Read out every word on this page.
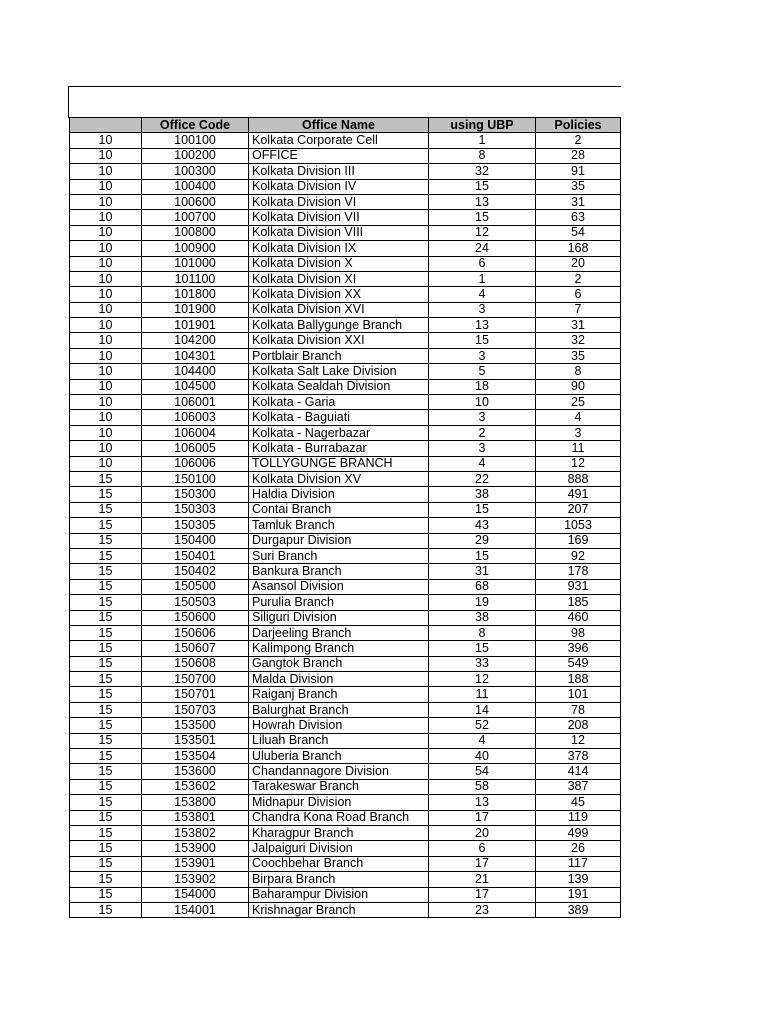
	Office Code	Office Name	using UBP	Policies
10	100100	Kolkata Corporate Cell	1	2
10	100200	OFFICE	8	28
10	100300	Kolkata Division III	32	91
10	100400	Kolkata Division IV	15	35
10	100600	Kolkata Division VI	13	31
10	100700	Kolkata Division VII	15	63
10	100800	Kolkata Division VIII	12	54
10	100900	Kolkata Division IX	24	168
10	101000	Kolkata Division X	6	20
10	101100	Kolkata Division XI	1	2
10	101800	Kolkata Division XX	4	6
10	101900	Kolkata Division XVI	3	7
10	101901	Kolkata Ballygunge Branch	13	31
10	104200	Kolkata Division XXI	15	32
10	104301	Portblair Branch	3	35
10	104400	Kolkata Salt Lake Division	5	8
10	104500	Kolkata Sealdah Division	18	90
10	106001	Kolkata - Garia	10	25
10	106003	Kolkata - Baguiati	3	4
10	106004	Kolkata - Nagerbazar	2	3
10	106005	Kolkata - Burrabazar	3	11
10	106006	TOLLYGUNGE BRANCH	4	12
15	150100	Kolkata Division XV	22	888
15	150300	Haldia Division	38	491
15	150303	Contai Branch	15	207
15	150305	Tamluk Branch	43	1053
15	150400	Durgapur Division	29	169
15	150401	Suri Branch	15	92
15	150402	Bankura Branch	31	178
15	150500	Asansol Division	68	931
15	150503	Purulia Branch	19	185
15	150600	Siliguri Division	38	460
15	150606	Darjeeling Branch	8	98
15	150607	Kalimpong Branch	15	396
15	150608	Gangtok Branch	33	549
15	150700	Malda Division	12	188
15	150701	Raiganj Branch	11	101
15	150703	Balurghat Branch	14	78
15	153500	Howrah Division	52	208
15	153501	Liluah Branch	4	12
15	153504	Uluberia Branch	40	378
15	153600	Chandannagore Division	54	414
15	153602	Tarakeswar Branch	58	387
15	153800	Midnapur Division	13	45
15	153801	Chandra Kona Road Branch	17	119
15	153802	Kharagpur Branch	20	499
15	153900	Jalpaiguri Division	6	26
15	153901	Coochbehar Branch	17	117
15	153902	Birpara Branch	21	139
15	154000	Baharampur Division	17	191
15	154001	Krishnagar Branch	23	389
